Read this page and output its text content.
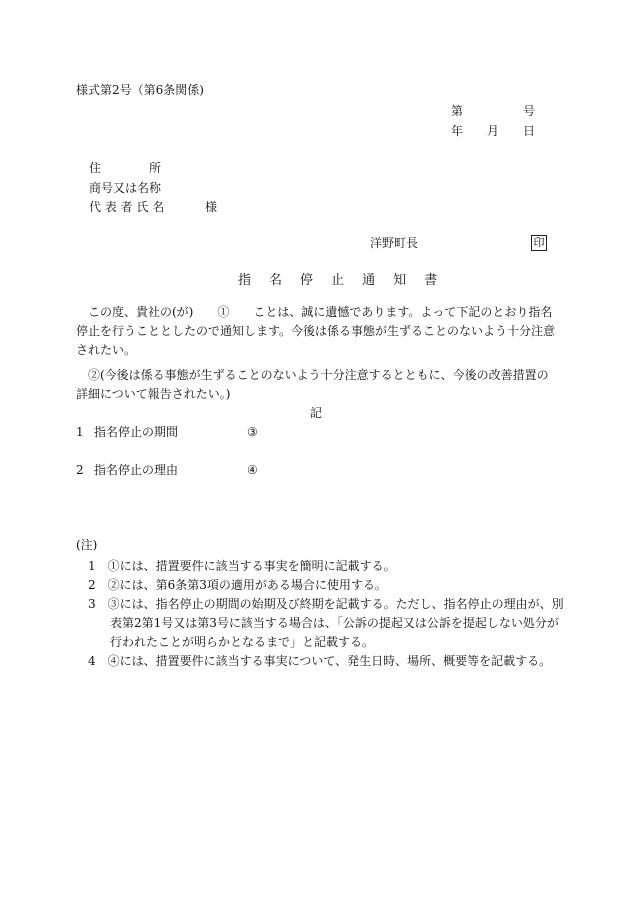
様式第2号（第6条関係)
第	号
年 月 日
住　　　　所
商号又は名称
代 表 者 氏 名	様
洋野町長	印
指 名 停 止 通 知 書
この度、貴社の(が)　　①　　ことは、誠に遺憾であります。よって下記のとおり指名停止を行うこととしたので通知します。今後は係る事態が生ずることのないよう十分注意されたい。
②(今後は係る事態が生ずることのないよう十分注意するとともに、今後の改善措置の詳細について報告されたい。)
記
1 指名停止の期間	③
2 指名停止の理由	④
(注)
1　①には、措置要件に該当する事実を簡明に記載する。
2　②には、第6条第3項の適用がある場合に使用する。
3　③には、指名停止の期間の始期及び終期を記載する。ただし、指名停止の理由が、別表第2第1号又は第3号に該当する場合は、「公訴の提起又は公訴を提起しない処分が行われたことが明らかとなるまで」と記載する。
4　④には、措置要件に該当する事実について、発生日時、場所、概要等を記載する。
